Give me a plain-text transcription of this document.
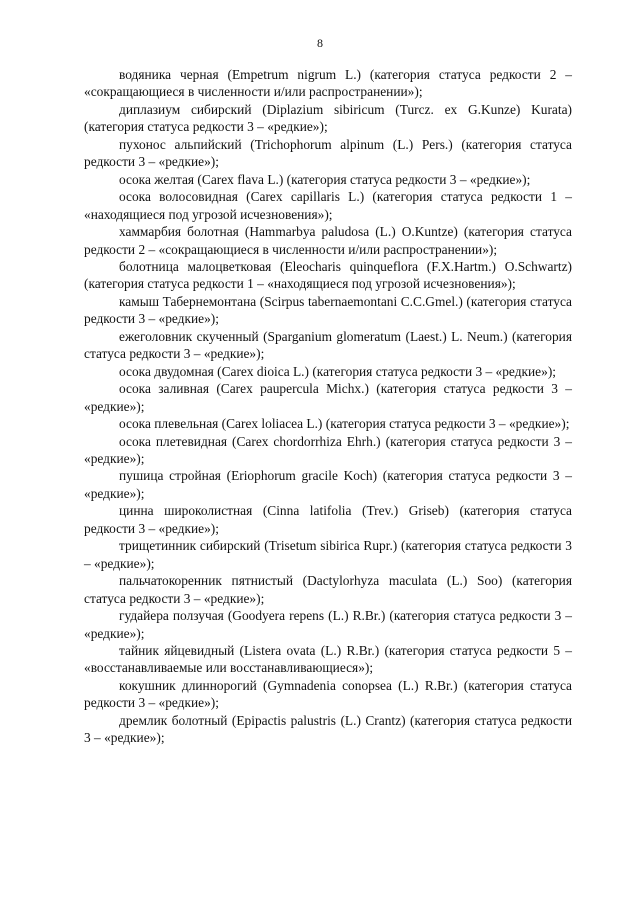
8

водяника черная (Empetrum nigrum L.) (категория статуса редкости 2 – «сокращающиеся в численности и/или распространении»);

диплазиум сибирский (Diplazium sibiricum (Turcz. ex G.Kunze) Kurata) (категория статуса редкости 3 – «редкие»);

пухонос альпийский (Trichophorum alpinum (L.) Pers.) (категория статуса редкости 3 – «редкие»);

осока желтая (Carex flava L.) (категория статуса редкости 3 – «редкие»);

осока волосовидная (Carex capillaris L.) (категория статуса редкости 1 – «находящиеся под угрозой исчезновения»);

хаммарбия болотная (Hammarbya paludosa (L.) O.Kuntze) (категория статуса редкости 2 – «сокращающиеся в численности и/или распространении»);

болотница малоцветковая (Eleocharis quinqueflora (F.X.Hartm.) O.Schwartz) (категория статуса редкости 1 – «находящиеся под угрозой исчезновения»);

камыш Табернемонтана (Scirpus tabernaemontani C.C.Gmel.) (категория статуса редкости 3 – «редкие»);

ежеголовник скученный (Sparganium glomeratum (Laest.) L. Neum.) (категория статуса редкости 3 – «редкие»);

осока двудомная (Carex dioica L.) (категория статуса редкости 3 – «редкие»);

осока заливная (Carex paupercula Michx.) (категория статуса редкости 3 – «редкие»);

осока плевельная (Carex loliacea L.) (категория статуса редкости 3 – «редкие»);

осока плетевидная (Carex chordorrhiza Ehrh.) (категория статуса редкости 3 – «редкие»);

пушица стройная (Eriophorum gracile Koch) (категория статуса редкости 3 – «редкие»);

цинна широколистная (Cinna latifolia (Trev.) Griseb) (категория статуса редкости 3 – «редкие»);

трищетинник сибирский (Trisetum sibirica Rupr.) (категория статуса редкости 3 – «редкие»);

пальчатокоренник пятнистый (Dactylorhyza maculata (L.) Soo) (категория статуса редкости 3 – «редкие»);

гудайера ползучая (Goodyera repens (L.) R.Br.) (категория статуса редкости 3 – «редкие»);

тайник яйцевидный (Listera ovata (L.) R.Br.) (категория статуса редкости 5 – «восстанавливаемые или восстанавливающиеся»);

кокушник длиннорогий (Gymnadenia conopsea (L.) R.Br.) (категория статуса редкости 3 – «редкие»);

дремлик болотный (Epipactis palustris (L.) Crantz) (категория статуса редкости 3 – «редкие»);
